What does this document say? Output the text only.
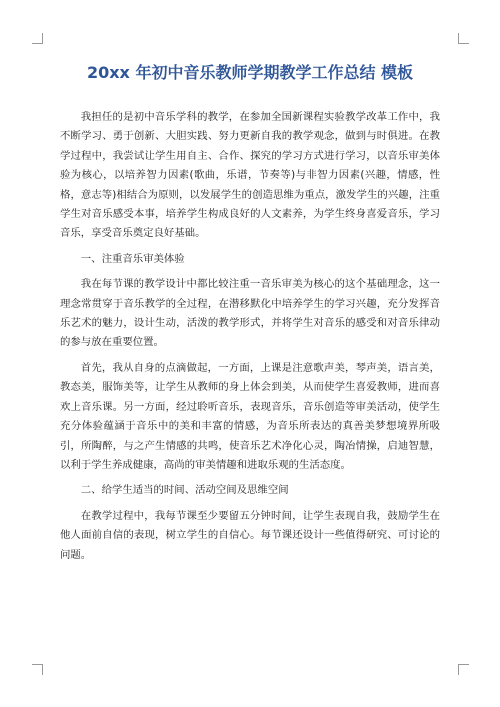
20xx 年初中音乐教师学期教学工作总结 模板

我担任的是初中音乐学科的教学，在参加全国新课程实验教学改革工作中，我不断学习、勇于创新、大胆实践、努力更新自我的教学观念，做到与时俱进。在教学过程中，我尝试让学生用自主、合作、探究的学习方式进行学习，以音乐审美体验为核心，以培养智力因素(歌曲，乐谱，节奏等)与非智力因素(兴趣，情感，性格，意志等)相结合为原则，以发展学生的创造思维为重点，激发学生的兴趣，注重学生对音乐感受本事，培养学生构成良好的人文素养，为学生终身喜爱音乐，学习音乐，享受音乐奠定良好基础。

一、注重音乐审美体验

我在每节课的教学设计中都比较注重一音乐审美为核心的这个基础理念，这一理念常贯穿于音乐教学的全过程，在潜移默化中培养学生的学习兴趣，充分发挥音乐艺术的魅力，设计生动，活泼的教学形式，并将学生对音乐的感受和对音乐律动的参与放在重要位置。

首先，我从自身的点滴做起，一方面，上课是注意歌声美，琴声美，语言美，教态美，服饰美等，让学生从教师的身上体会到美，从而使学生喜爱教师，进而喜欢上音乐课。另一方面，经过聆听音乐，表现音乐，音乐创造等审美活动，使学生充分体验蕴涵于音乐中的美和丰富的情感，为音乐所表达的真善美梦想境界所吸引，所陶醉，与之产生情感的共鸣，使音乐艺术净化心灵，陶冶情操，启迪智慧，以利于学生养成健康，高尚的审美情趣和进取乐观的生活态度。

二、给学生适当的时间、活动空间及思维空间

在教学过程中，我每节课至少要留五分钟时间，让学生表现自我，鼓励学生在他人面前自信的表现，树立学生的自信心。每节课还设计一些值得研究、可讨论的问题。
